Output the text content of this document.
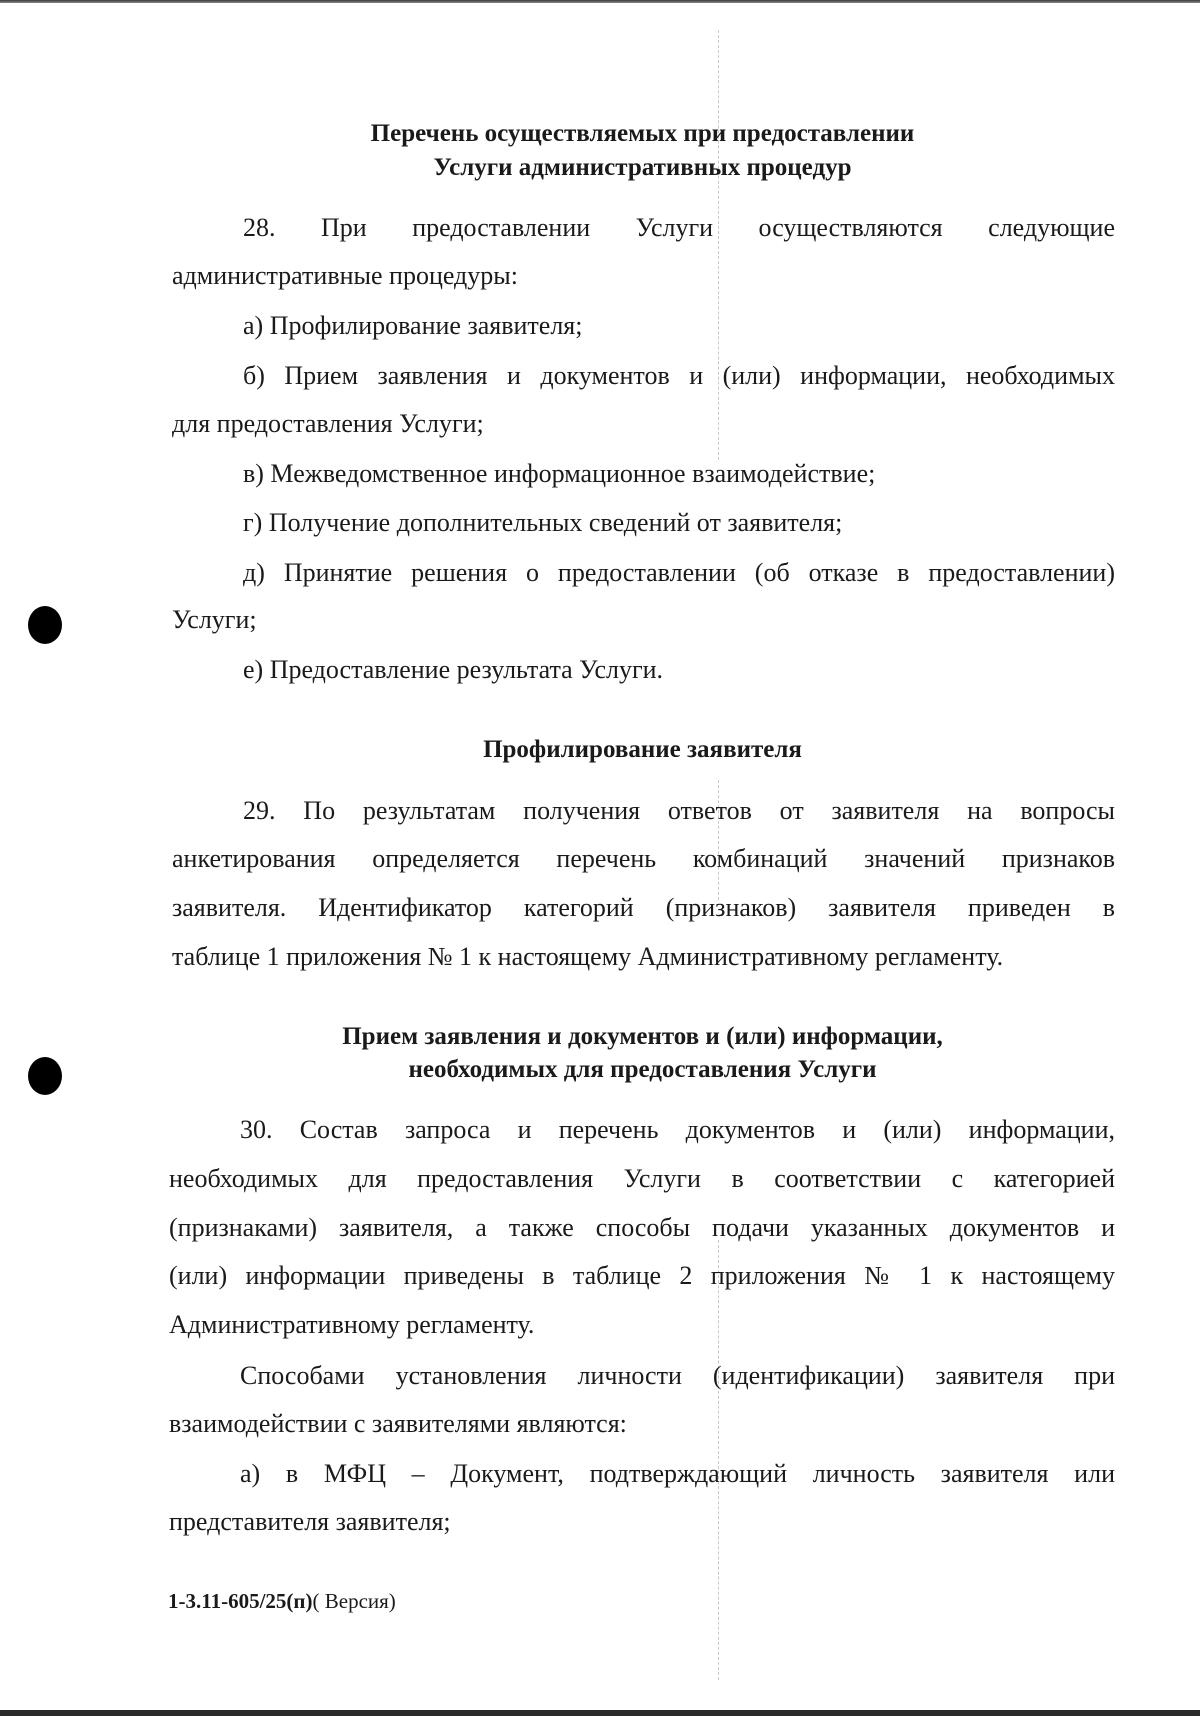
Перечень осуществляемых при предоставлении

Услуги административных процедур

28. При предоставлении Услуги осуществляются следующие

административные процедуры:

а) Профилирование заявителя;

б) Прием заявления и документов и (или) информации, необходимых

для предоставления Услуги;

в) Межведомственное информационное взаимодействие;

г) Получение дополнительных сведений от заявителя;

д) Принятие решения о предоставлении (об отказе в предоставлении)

Услуги;

е) Предоставление результата Услуги.

Профилирование заявителя

29. По результатам получения ответов от заявителя на вопросы

анкетирования определяется перечень комбинаций значений признаков

заявителя. Идентификатор категорий (признаков) заявителя приведен в

таблице 1 приложения № 1 к настоящему Административному регламенту.

Прием заявления и документов и (или) информации,

необходимых для предоставления Услуги

30. Состав запроса и перечень документов и (или) информации,

необходимых для предоставления Услуги в соответствии с категорией

(признаками) заявителя, а также способы подачи указанных документов и

(или) информации приведены в таблице 2 приложения № 1 к настоящему

Административному регламенту.

Способами установления личности (идентификации) заявителя при

взаимодействии с заявителями являются:

а) в МФЦ – Документ, подтверждающий личность заявителя или

представителя заявителя;

1-3.11-605/25(п)( Версия)
